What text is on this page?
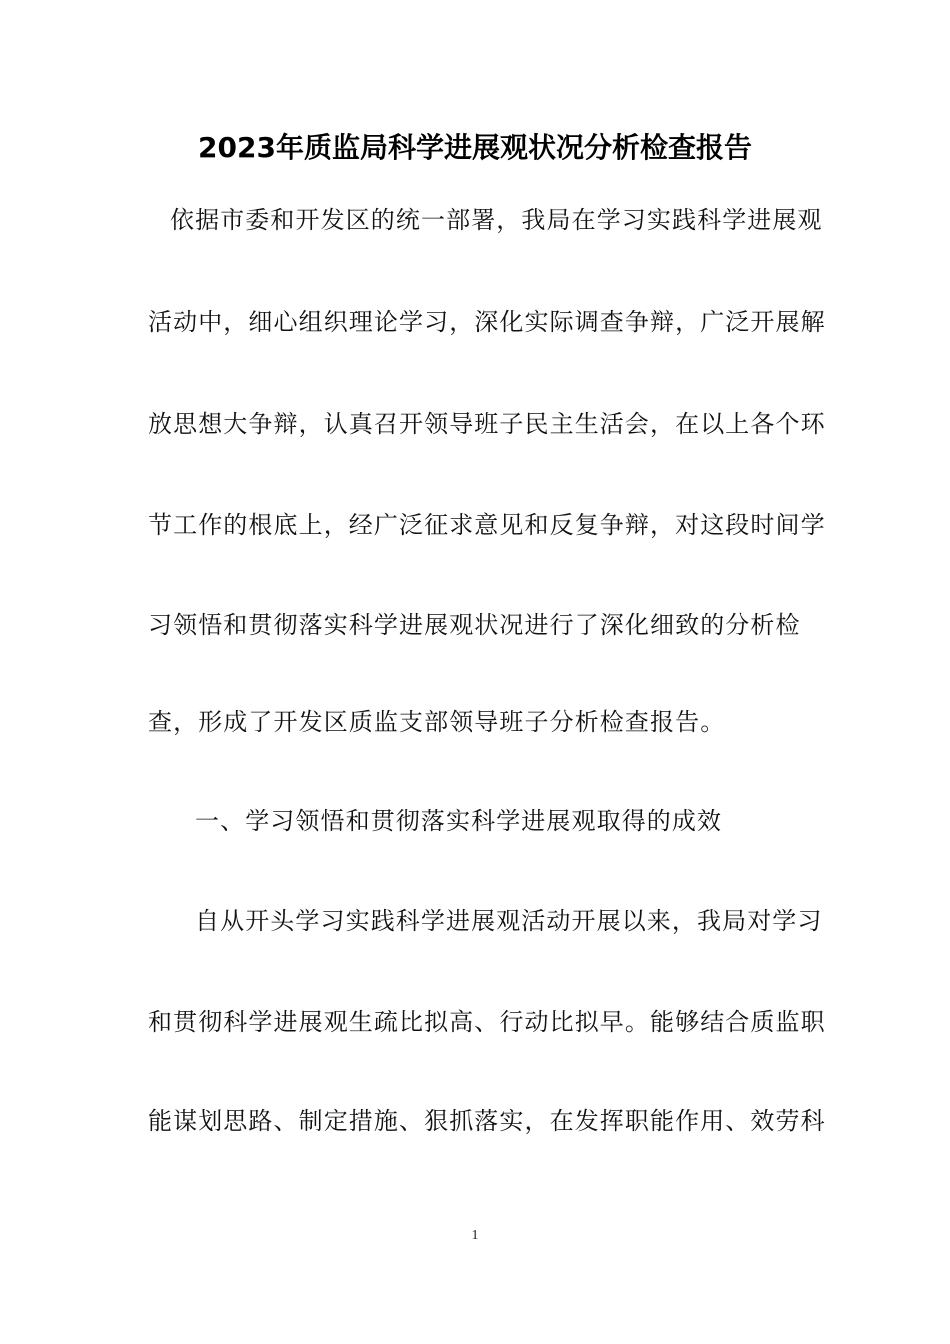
2023年质监局科学进展观状况分析检查报告
依据市委和开发区的统一部署，我局在学习实践科学进展观
活动中，细心组织理论学习，深化实际调查争辩，广泛开展解
放思想大争辩，认真召开领导班子民主生活会，在以上各个环
节工作的根底上，经广泛征求意见和反复争辩，对这段时间学
习领悟和贯彻落实科学进展观状况进行了深化细致的分析检
查，形成了开发区质监支部领导班子分析检查报告。
一、学习领悟和贯彻落实科学进展观取得的成效
自从开头学习实践科学进展观活动开展以来，我局对学习
和贯彻科学进展观生疏比拟高、行动比拟早。能够结合质监职
能谋划思路、制定措施、狠抓落实，在发挥职能作用、效劳科
1
